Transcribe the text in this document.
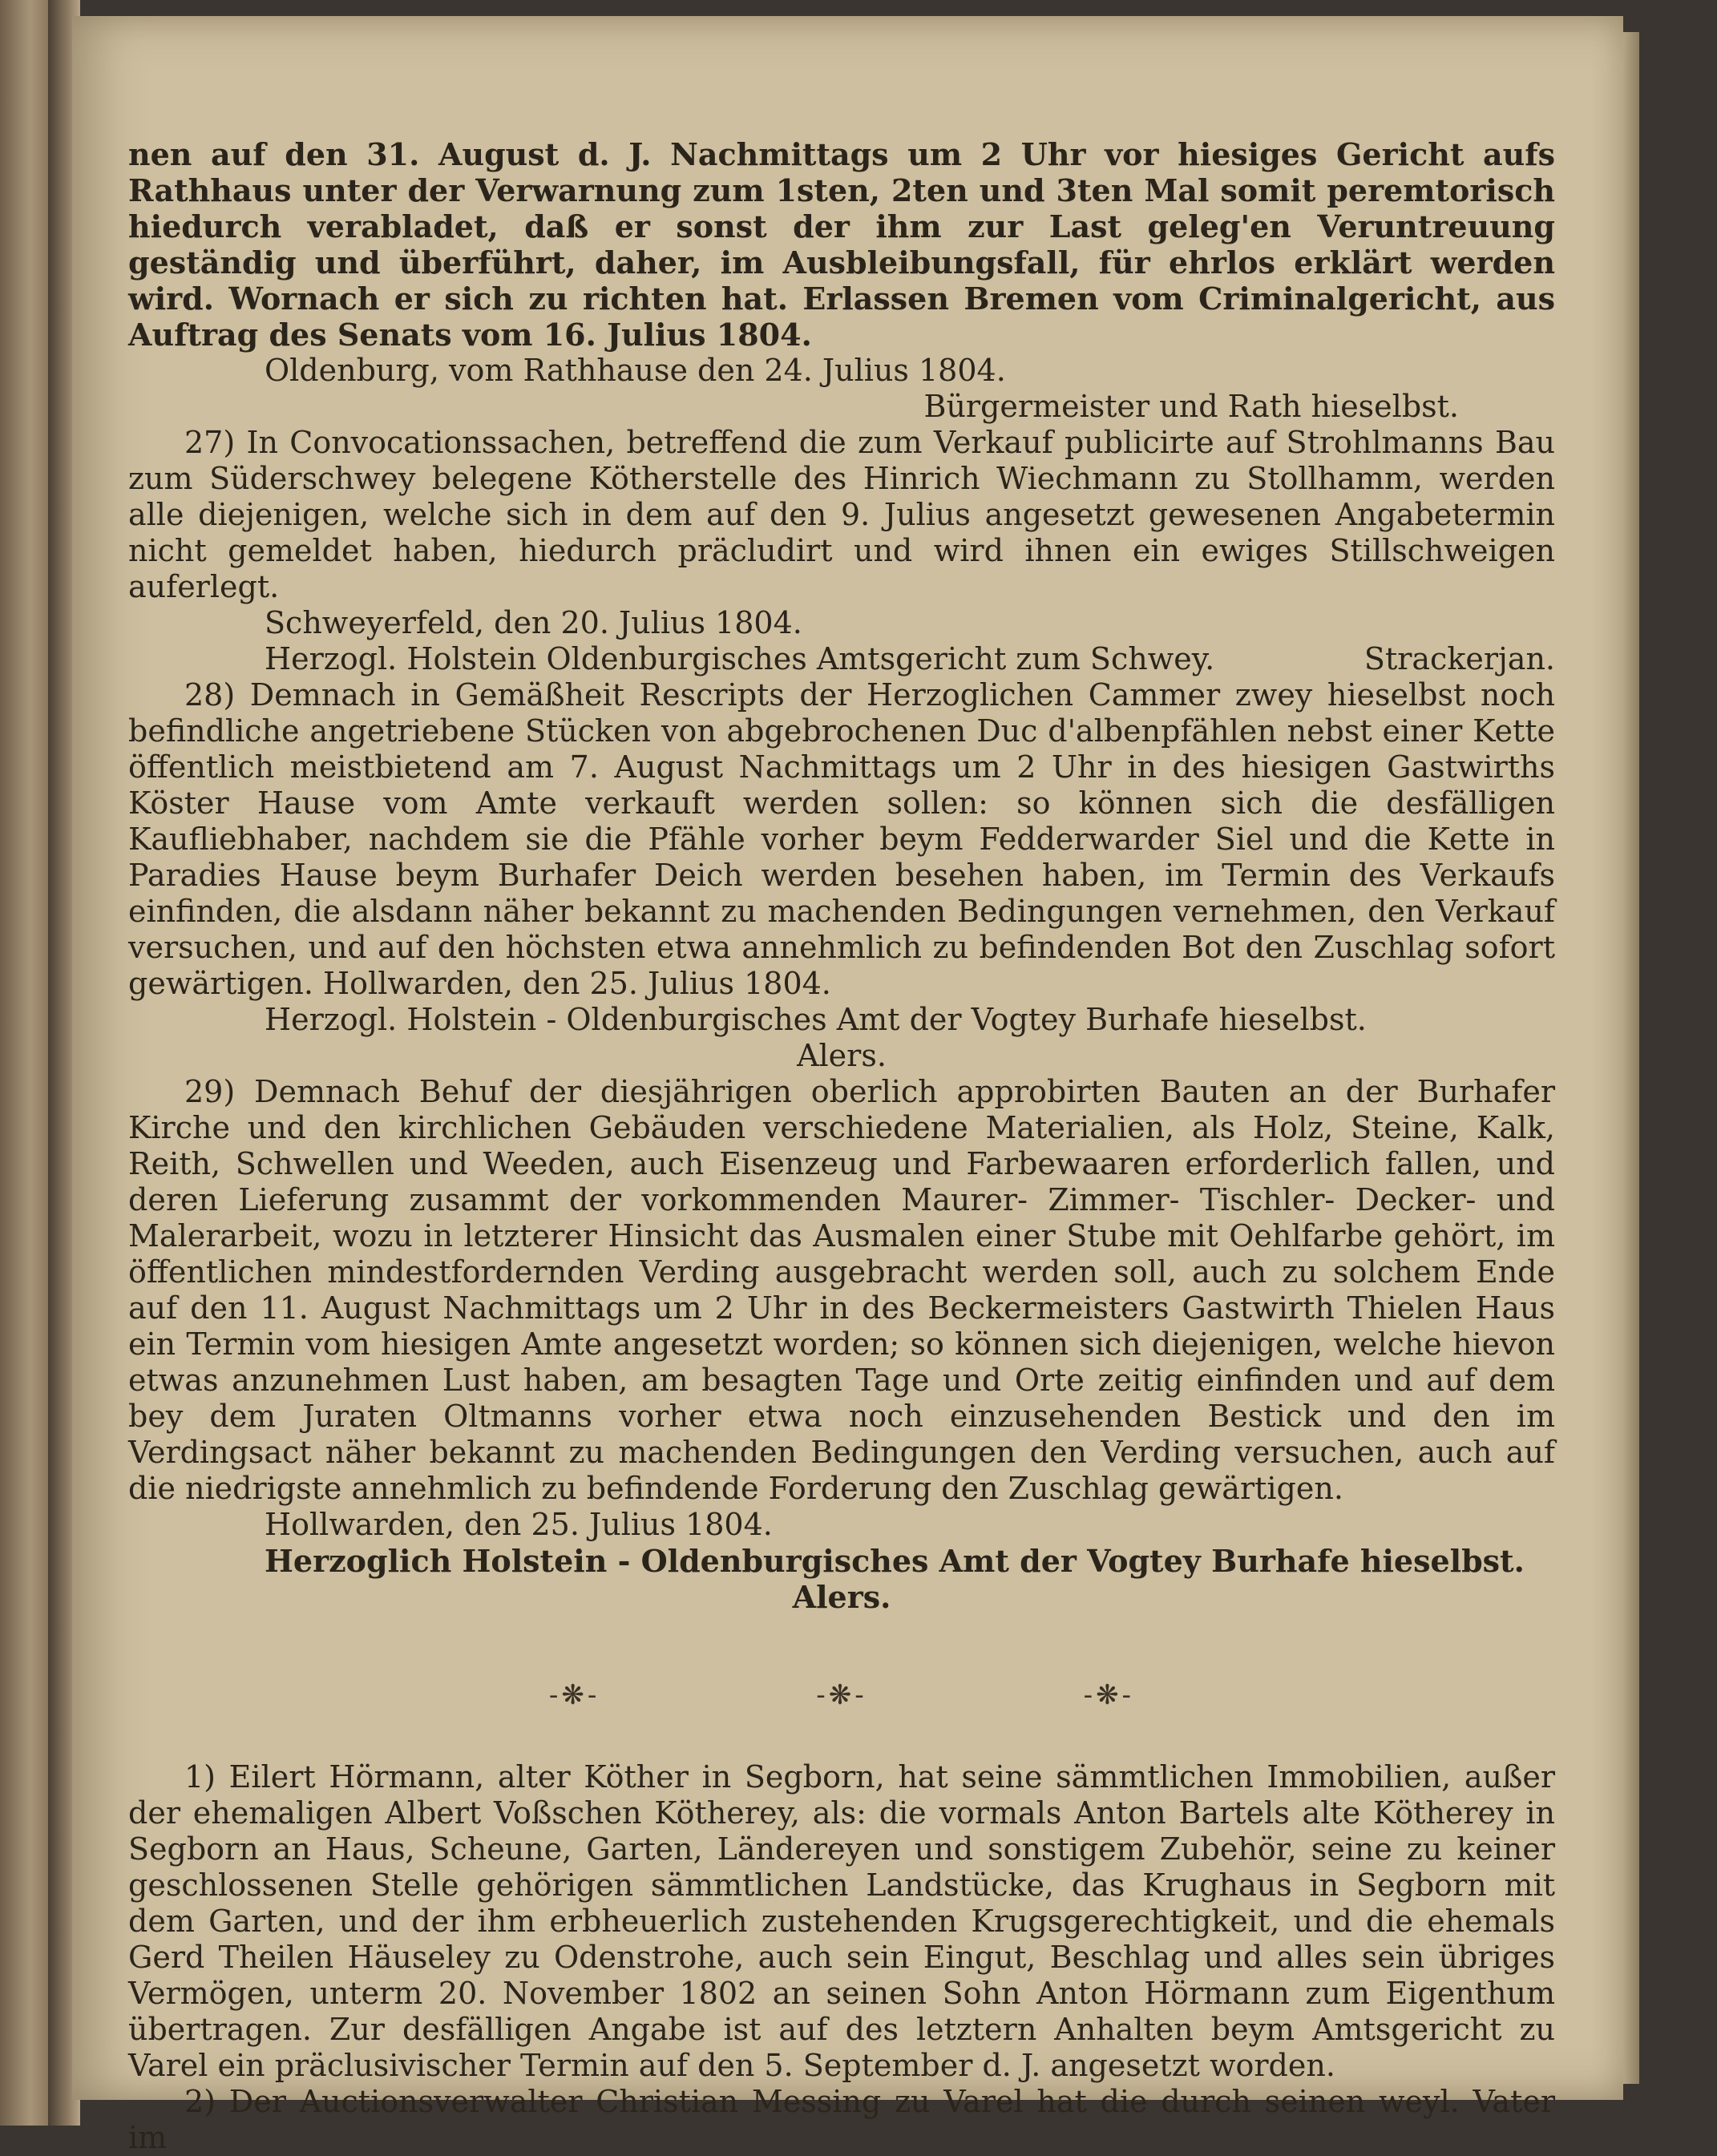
nen auf den 31. August d. J. Nachmittags um 2 Uhr vor hiesiges Gericht aufs Rathhaus unter der Verwarnung zum 1sten, 2ten und 3ten Mal somit peremtorisch hiedurch verabladet, daß er sonst der ihm zur Last geleg'en Veruntreuung geständig und überführt, daher, im Ausbleibungsfall, für ehrlos erklärt werden wird. Wornach er sich zu richten hat. Erlassen Bremen vom Criminalgericht, aus Auftrag des Senats vom 16. Julius 1804.

Oldenburg, vom Rathhause den 24. Julius 1804.

Bürgermeister und Rath hieselbst.

27) In Convocationssachen, betreffend die zum Verkauf publicirte auf Strohlmanns Bau zum Süderschwey belegene Kötherstelle des Hinrich Wiechmann zu Stollhamm, werden alle diejenigen, welche sich in dem auf den 9. Julius angesetzt gewesenen Angabetermin nicht gemeldet haben, hiedurch präcludirt und wird ihnen ein ewiges Stillschweigen auferlegt.

Schweyerfeld, den 20. Julius 1804.

Herzogl. Holstein Oldenburgisches Amtsgericht zum Schwey.	Strackerjan.

28) Demnach in Gemäßheit Rescripts der Herzoglichen Cammer zwey hieselbst noch befindliche angetriebene Stücken von abgebrochenen Duc d'albenpfählen nebst einer Kette öffentlich meistbietend am 7. August Nachmittags um 2 Uhr in des hiesigen Gastwirths Köster Hause vom Amte verkauft werden sollen: so können sich die desfälligen Kaufliebhaber, nachdem sie die Pfähle vorher beym Fedderwarder Siel und die Kette in Paradies Hause beym Burhafer Deich werden besehen haben, im Termin des Verkaufs einfinden, die alsdann näher bekannt zu machenden Bedingungen vernehmen, den Verkauf versuchen, und auf den höchsten etwa annehmlich zu befindenden Bot den Zuschlag sofort gewärtigen. Hollwarden, den 25. Julius 1804.

Herzogl. Holstein - Oldenburgisches Amt der Vogtey Burhafe hieselbst.

Alers.

29) Demnach Behuf der diesjährigen oberlich approbirten Bauten an der Burhafer Kirche und den kirchlichen Gebäuden verschiedene Materialien, als Holz, Steine, Kalk, Reith, Schwellen und Weeden, auch Eisenzeug und Farbewaaren erforderlich fallen, und deren Lieferung zusammt der vorkommenden Maurer- Zimmer- Tischler- Decker- und Malerarbeit, wozu in letzterer Hinsicht das Ausmalen einer Stube mit Oehlfarbe gehört, im öffentlichen mindestfordernden Verding ausgebracht werden soll, auch zu solchem Ende auf den 11. August Nachmittags um 2 Uhr in des Beckermeisters Gastwirth Thielen Haus ein Termin vom hiesigen Amte angesetzt worden; so können sich diejenigen, welche hievon etwas anzunehmen Lust haben, am besagten Tage und Orte zeitig einfinden und auf dem bey dem Juraten Oltmanns vorher etwa noch einzusehenden Bestick und den im Verdingsact näher bekannt zu machenden Bedingungen den Verding versuchen, auch auf die niedrigste annehmlich zu befindende Forderung den Zuschlag gewärtigen.

Hollwarden, den 25. Julius 1804.

Herzoglich Holstein - Oldenburgisches Amt der Vogtey Burhafe hieselbst.

Alers.

-❋-	-❋-	-❋-

1) Eilert Hörmann, alter Köther in Segborn, hat seine sämmtlichen Immobilien, außer der ehemaligen Albert Voßschen Kötherey, als: die vormals Anton Bartels alte Kötherey in Segborn an Haus, Scheune, Garten, Ländereyen und sonstigem Zubehör, seine zu keiner geschlossenen Stelle gehörigen sämmtlichen Landstücke, das Krughaus in Segborn mit dem Garten, und der ihm erbheuerlich zustehenden Krugsgerechtigkeit, und die ehemals Gerd Theilen Häuseley zu Odenstrohe, auch sein Eingut, Beschlag und alles sein übriges Vermögen, unterm 20. November 1802 an seinen Sohn Anton Hörmann zum Eigenthum übertragen. Zur desfälligen Angabe ist auf des letztern Anhalten beym Amtsgericht zu Varel ein präclusivischer Termin auf den 5. September d. J. angesetzt worden.

2) Der Auctionsverwalter Christian Messing zu Varel hat die durch seinen weyl. Vater im
